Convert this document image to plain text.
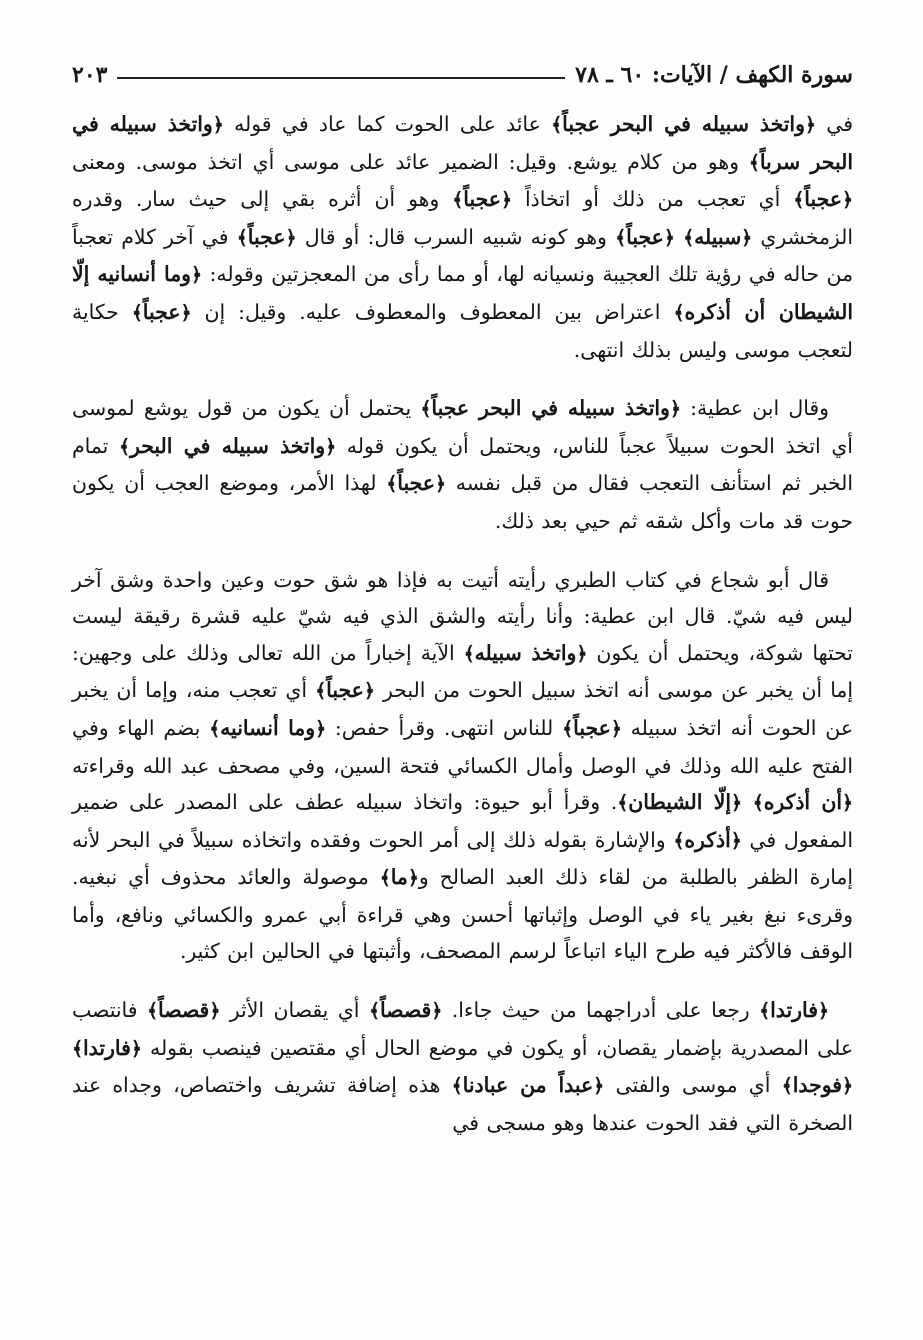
سورة الكهف / الآيات: ٦٠ ـ ٧٨
٢٠٣

في ﴿واتخذ سبيله في البحر عجباً﴾ عائد على الحوت كما عاد في قوله ﴿واتخذ سبيله في البحر سرباً﴾ وهو من كلام يوشع. وقيل: الضمير عائد على موسى أي اتخذ موسى. ومعنى ﴿عجباً﴾ أي تعجب من ذلك أو اتخاذاً ﴿عجباً﴾ وهو أن أثره بقي إلى حيث سار. وقدره الزمخشري ﴿سبيله﴾ ﴿عجباً﴾ وهو كونه شبيه السرب قال: أو قال ﴿عجباً﴾ في آخر كلام تعجباً من حاله في رؤية تلك العجيبة ونسيانه لها، أو مما رأى من المعجزتين وقوله: ﴿وما أنسانيه إلّا الشيطان أن أذكره﴾ اعتراض بين المعطوف والمعطوف عليه. وقيل: إن ﴿عجباً﴾ حكاية لتعجب موسى وليس بذلك انتهى.

وقال ابن عطية: ﴿واتخذ سبيله في البحر عجباً﴾ يحتمل أن يكون من قول يوشع لموسى أي اتخذ الحوت سبيلاً عجباً للناس، ويحتمل أن يكون قوله ﴿واتخذ سبيله في البحر﴾ تمام الخبر ثم استأنف التعجب فقال من قبل نفسه ﴿عجباً﴾ لهذا الأمر، وموضع العجب أن يكون حوت قد مات وأكل شقه ثم حيي بعد ذلك.

قال أبو شجاع في كتاب الطبري رأيته أتيت به فإذا هو شق حوت وعين واحدة وشق آخر ليس فيه شيّ. قال ابن عطية: وأنا رأيته والشق الذي فيه شيّ عليه قشرة رقيقة ليست تحتها شوكة، ويحتمل أن يكون ﴿واتخذ سبيله﴾ الآية إخباراً من الله تعالى وذلك على وجهين: إما أن يخبر عن موسى أنه اتخذ سبيل الحوت من البحر ﴿عجباً﴾ أي تعجب منه، وإما أن يخبر عن الحوت أنه اتخذ سبيله ﴿عجباً﴾ للناس انتهى. وقرأ حفص: ﴿وما أنسانيه﴾ بضم الهاء وفي الفتح عليه الله وذلك في الوصل وأمال الكسائي فتحة السين، وفي مصحف عبد الله وقراءته ﴿أن أذكره﴾ ﴿إلّا الشيطان﴾. وقرأ أبو حيوة: واتخاذ سبيله عطف على المصدر على ضمير المفعول في ﴿أذكره﴾ والإشارة بقوله ذلك إلى أمر الحوت وفقده واتخاذه سبيلاً في البحر لأنه إمارة الظفر بالطلبة من لقاء ذلك العبد الصالح و﴿ما﴾ موصولة والعائد محذوف أي نبغيه. وقرىء نبغ بغير ياء في الوصل وإثباتها أحسن وهي قراءة أبي عمرو والكسائي ونافع، وأما الوقف فالأكثر فيه طرح الياء اتباعاً لرسم المصحف، وأثبتها في الحالين ابن كثير.

﴿فارتدا﴾ رجعا على أدراجهما من حيث جاءا. ﴿قصصاً﴾ أي يقصان الأثر ﴿قصصاً﴾ فانتصب على المصدرية بإضمار يقصان، أو يكون في موضع الحال أي مقتصين فينصب بقوله ﴿فارتدا﴾ ﴿فوجدا﴾ أي موسى والفتى ﴿عبداً من عبادنا﴾ هذه إضافة تشريف واختصاص، وجداه عند الصخرة التي فقد الحوت عندها وهو مسجى في
